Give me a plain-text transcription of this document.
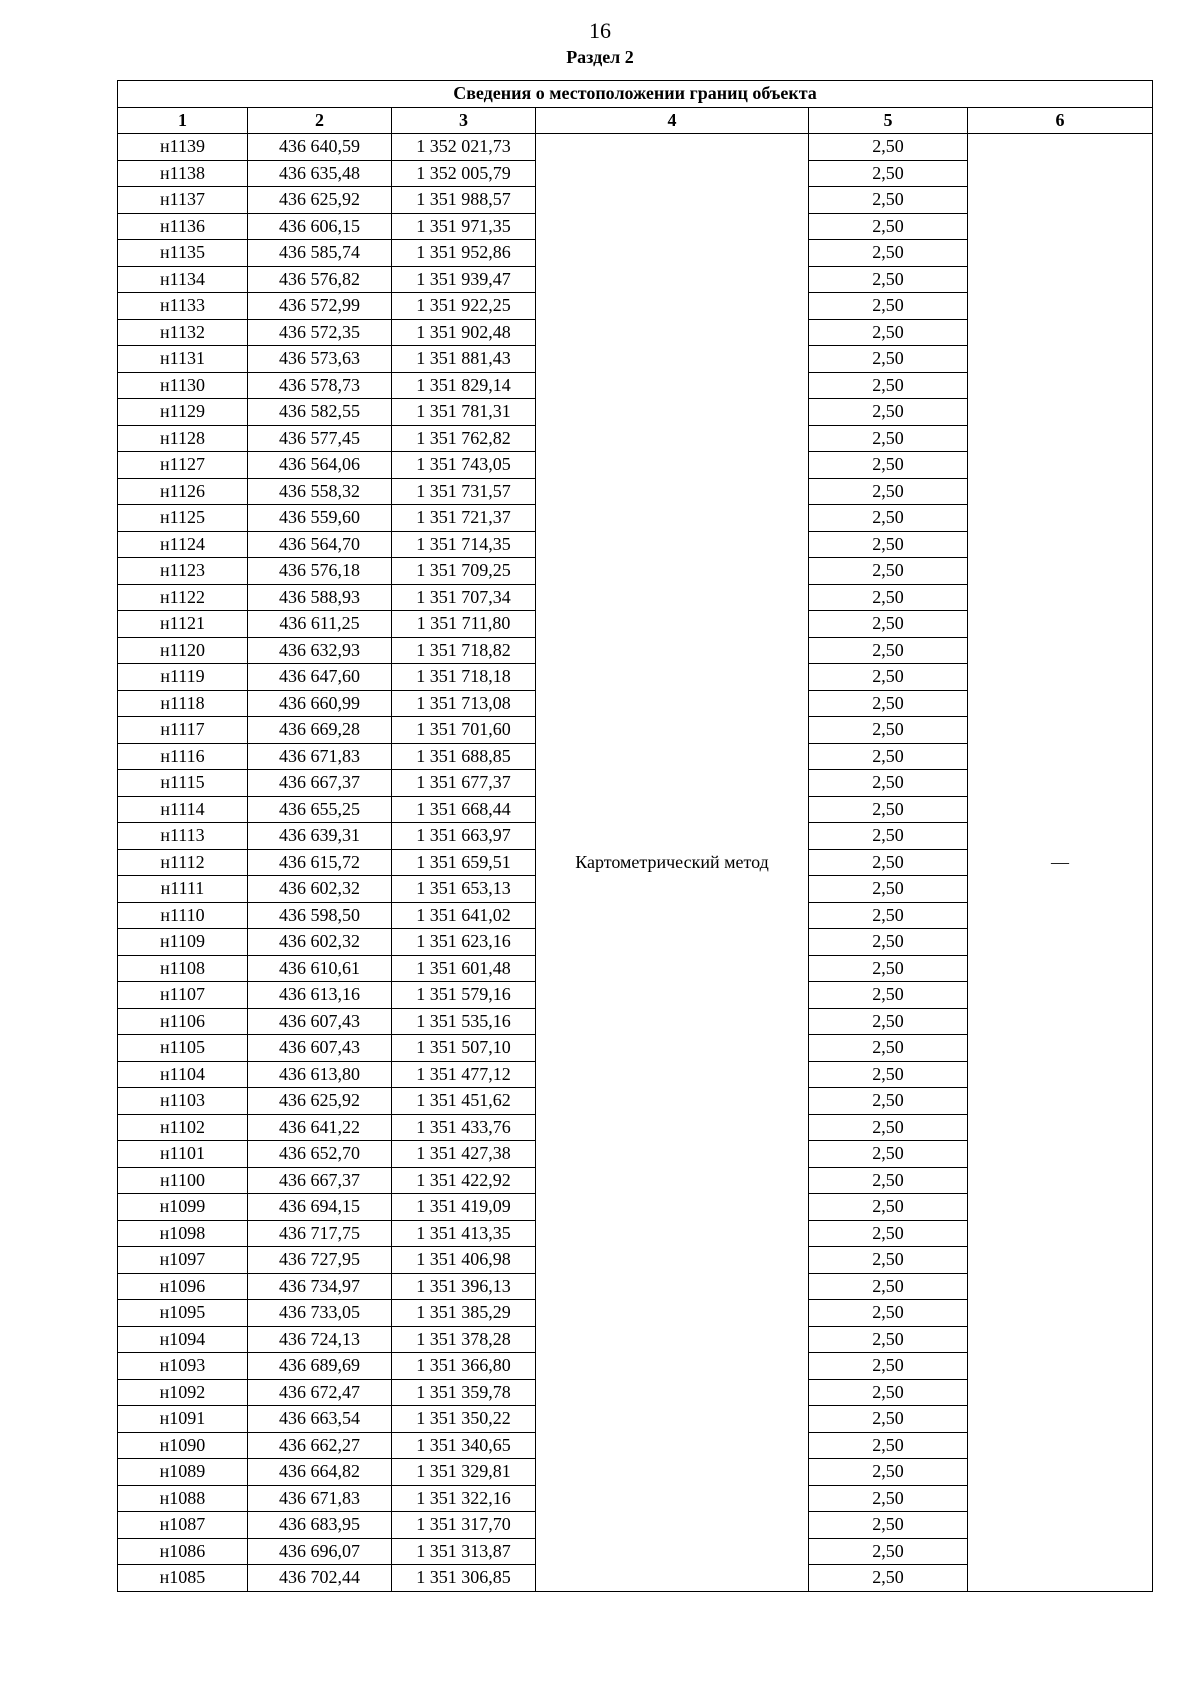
16
Раздел 2
Сведения о местоположении границ объекта					
1	2	3	4	5	6
н1139	436 640,59	1 352 021,73	Картометрический метод	2,50	—
н1138	436 635,48	1 352 005,79		2,50	
н1137	436 625,92	1 351 988,57		2,50	
н1136	436 606,15	1 351 971,35		2,50	
н1135	436 585,74	1 351 952,86		2,50	
н1134	436 576,82	1 351 939,47		2,50	
н1133	436 572,99	1 351 922,25		2,50	
н1132	436 572,35	1 351 902,48		2,50	
н1131	436 573,63	1 351 881,43		2,50	
н1130	436 578,73	1 351 829,14		2,50	
н1129	436 582,55	1 351 781,31		2,50	
н1128	436 577,45	1 351 762,82		2,50	
н1127	436 564,06	1 351 743,05		2,50	
н1126	436 558,32	1 351 731,57		2,50	
н1125	436 559,60	1 351 721,37		2,50	
н1124	436 564,70	1 351 714,35		2,50	
н1123	436 576,18	1 351 709,25		2,50	
н1122	436 588,93	1 351 707,34		2,50	
н1121	436 611,25	1 351 711,80		2,50	
н1120	436 632,93	1 351 718,82		2,50	
н1119	436 647,60	1 351 718,18		2,50	
н1118	436 660,99	1 351 713,08		2,50	
н1117	436 669,28	1 351 701,60		2,50	
н1116	436 671,83	1 351 688,85		2,50	
н1115	436 667,37	1 351 677,37		2,50	
н1114	436 655,25	1 351 668,44		2,50	
н1113	436 639,31	1 351 663,97		2,50	
н1112	436 615,72	1 351 659,51		2,50	
н1111	436 602,32	1 351 653,13		2,50	
н1110	436 598,50	1 351 641,02		2,50	
н1109	436 602,32	1 351 623,16		2,50	
н1108	436 610,61	1 351 601,48		2,50	
н1107	436 613,16	1 351 579,16		2,50	
н1106	436 607,43	1 351 535,16		2,50	
н1105	436 607,43	1 351 507,10		2,50	
н1104	436 613,80	1 351 477,12		2,50	
н1103	436 625,92	1 351 451,62		2,50	
н1102	436 641,22	1 351 433,76		2,50	
н1101	436 652,70	1 351 427,38		2,50	
н1100	436 667,37	1 351 422,92		2,50	
н1099	436 694,15	1 351 419,09		2,50	
н1098	436 717,75	1 351 413,35		2,50	
н1097	436 727,95	1 351 406,98		2,50	
н1096	436 734,97	1 351 396,13		2,50	
н1095	436 733,05	1 351 385,29		2,50	
н1094	436 724,13	1 351 378,28		2,50	
н1093	436 689,69	1 351 366,80		2,50	
н1092	436 672,47	1 351 359,78		2,50	
н1091	436 663,54	1 351 350,22		2,50	
н1090	436 662,27	1 351 340,65		2,50	
н1089	436 664,82	1 351 329,81		2,50	
н1088	436 671,83	1 351 322,16		2,50	
н1087	436 683,95	1 351 317,70		2,50	
н1086	436 696,07	1 351 313,87		2,50	
н1085	436 702,44	1 351 306,85		2,50	
